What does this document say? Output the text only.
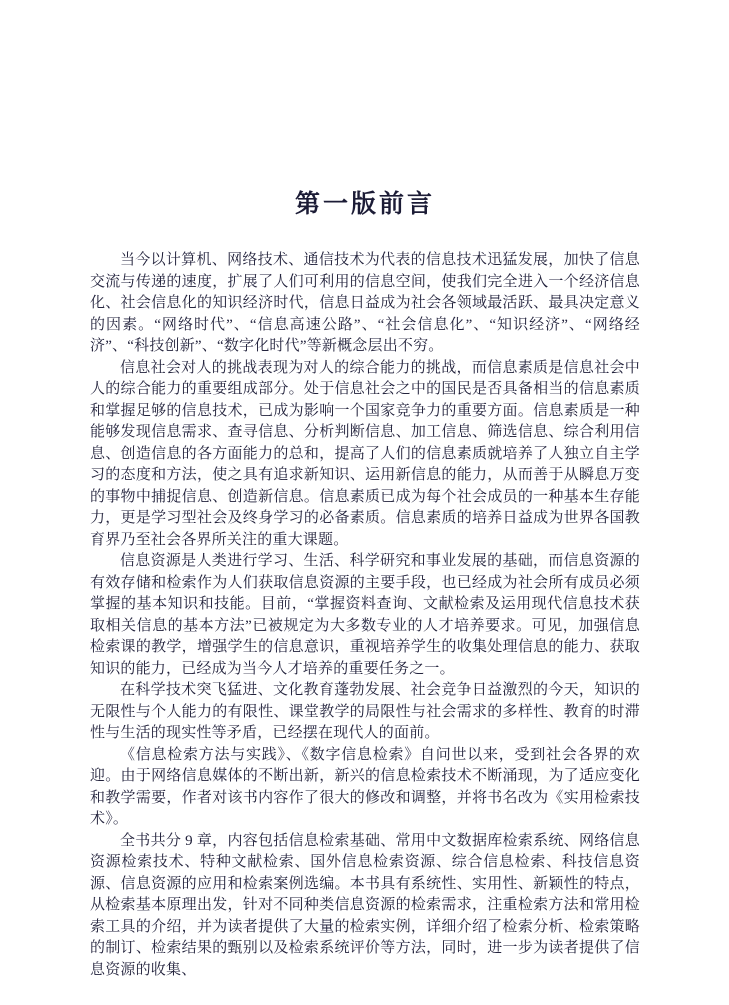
第一版前言

当今以计算机、网络技术、通信技术为代表的信息技术迅猛发展，加快了信息交流与传递的速度，扩展了人们可利用的信息空间，使我们完全进入一个经济信息化、社会信息化的知识经济时代，信息日益成为社会各领域最活跃、最具决定意义的因素。“网络时代”、“信息高速公路”、“社会信息化”、“知识经济”、“网络经济”、“科技创新”、“数字化时代”等新概念层出不穷。

信息社会对人的挑战表现为对人的综合能力的挑战，而信息素质是信息社会中人的综合能力的重要组成部分。处于信息社会之中的国民是否具备相当的信息素质和掌握足够的信息技术，已成为影响一个国家竞争力的重要方面。信息素质是一种能够发现信息需求、查寻信息、分析判断信息、加工信息、筛选信息、综合利用信息、创造信息的各方面能力的总和，提高了人们的信息素质就培养了人独立自主学习的态度和方法，使之具有追求新知识、运用新信息的能力，从而善于从瞬息万变的事物中捕捉信息、创造新信息。信息素质已成为每个社会成员的一种基本生存能力，更是学习型社会及终身学习的必备素质。信息素质的培养日益成为世界各国教育界乃至社会各界所关注的重大课题。

信息资源是人类进行学习、生活、科学研究和事业发展的基础，而信息资源的有效存储和检索作为人们获取信息资源的主要手段，也已经成为社会所有成员必须掌握的基本知识和技能。目前，“掌握资料查询、文献检索及运用现代信息技术获取相关信息的基本方法”已被规定为大多数专业的人才培养要求。可见，加强信息检索课的教学，增强学生的信息意识，重视培养学生的收集处理信息的能力、获取知识的能力，已经成为当今人才培养的重要任务之一。

在科学技术突飞猛进、文化教育蓬勃发展、社会竞争日益激烈的今天，知识的无限性与个人能力的有限性、课堂教学的局限性与社会需求的多样性、教育的时滞性与生活的现实性等矛盾，已经摆在现代人的面前。

《信息检索方法与实践》、《数字信息检索》自问世以来，受到社会各界的欢迎。由于网络信息媒体的不断出新，新兴的信息检索技术不断涌现，为了适应变化和教学需要，作者对该书内容作了很大的修改和调整，并将书名改为《实用检索技术》。

全书共分 9 章，内容包括信息检索基础、常用中文数据库检索系统、网络信息资源检索技术、特种文献检索、国外信息检索资源、综合信息检索、科技信息资源、信息资源的应用和检索案例选编。本书具有系统性、实用性、新颖性的特点，从检索基本原理出发，针对不同种类信息资源的检索需求，注重检索方法和常用检索工具的介绍，并为读者提供了大量的检索实例，详细介绍了检索分析、检索策略的制订、检索结果的甄别以及检索系统评价等方法，同时，进一步为读者提供了信息资源的收集、
